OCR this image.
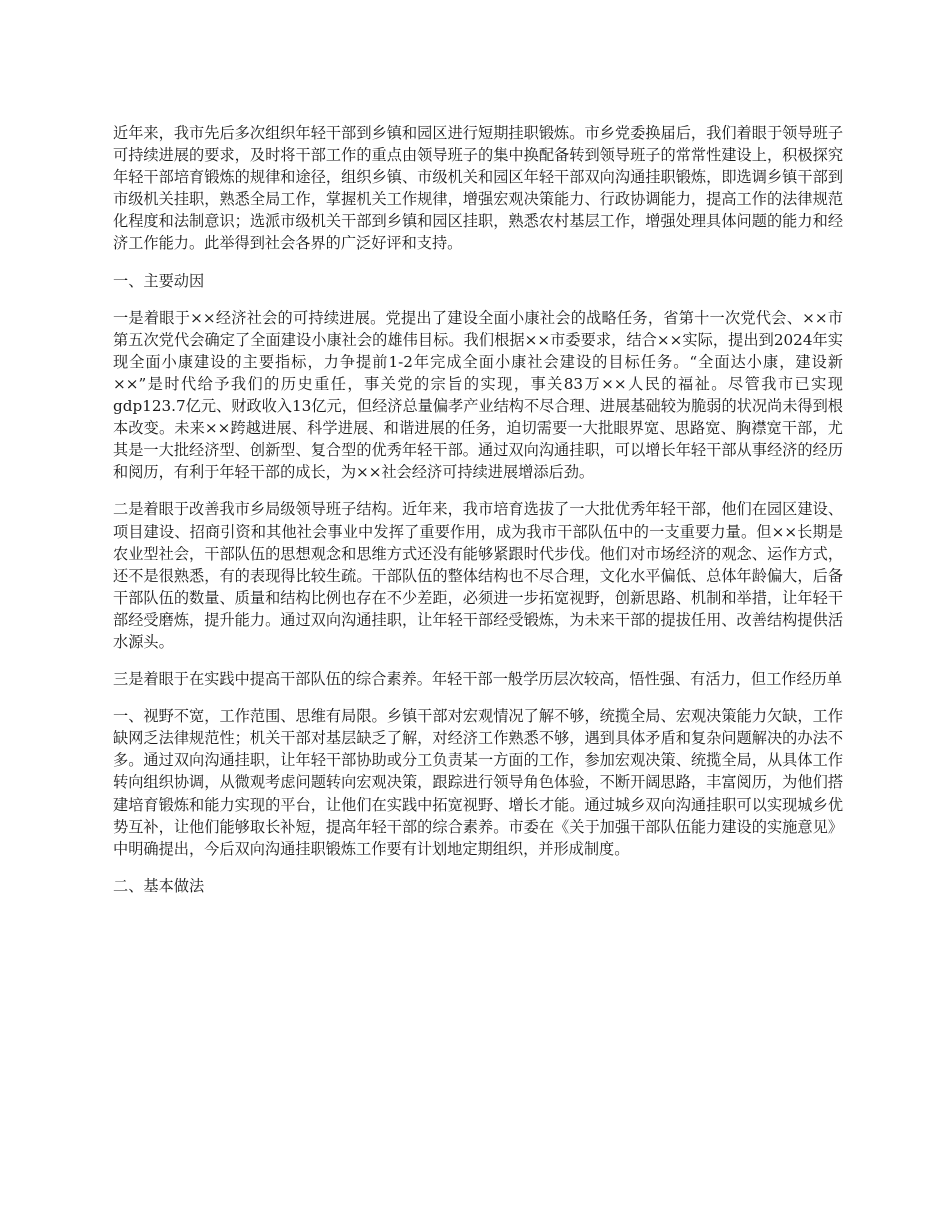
近年来，我市先后多次组织年轻干部到乡镇和园区进行短期挂职锻炼。市乡党委换届后，我们着眼于领导班子可持续进展的要求，及时将干部工作的重点由领导班子的集中换配备转到领导班子的常常性建设上，积极探究年轻干部培育锻炼的规律和途径，组织乡镇、市级机关和园区年轻干部双向沟通挂职锻炼，即选调乡镇干部到市级机关挂职，熟悉全局工作，掌握机关工作规律，增强宏观决策能力、行政协调能力，提高工作的法律规范化程度和法制意识；选派市级机关干部到乡镇和园区挂职，熟悉农村基层工作，增强处理具体问题的能力和经济工作能力。此举得到社会各界的广泛好评和支持。

一、主要动因

一是着眼于××经济社会的可持续进展。党提出了建设全面小康社会的战略任务，省第十一次党代会、××市第五次党代会确定了全面建设小康社会的雄伟目标。我们根据××市委要求，结合××实际，提出到2024年实现全面小康建设的主要指标，力争提前1-2年完成全面小康社会建设的目标任务。“全面达小康，建设新××”是时代给予我们的历史重任，事关党的宗旨的实现，事关83万××人民的福祉。尽管我市已实现gdp123.7亿元、财政收入13亿元，但经济总量偏孝产业结构不尽合理、进展基础较为脆弱的状况尚未得到根本改变。未来××跨越进展、科学进展、和谐进展的任务，迫切需要一大批眼界宽、思路宽、胸襟宽干部，尤其是一大批经济型、创新型、复合型的优秀年轻干部。通过双向沟通挂职，可以增长年轻干部从事经济的经历和阅历，有利于年轻干部的成长，为××社会经济可持续进展增添后劲。

二是着眼于改善我市乡局级领导班子结构。近年来，我市培育选拔了一大批优秀年轻干部，他们在园区建设、项目建设、招商引资和其他社会事业中发挥了重要作用，成为我市干部队伍中的一支重要力量。但××长期是农业型社会，干部队伍的思想观念和思维方式还没有能够紧跟时代步伐。他们对市场经济的观念、运作方式，还不是很熟悉，有的表现得比较生疏。干部队伍的整体结构也不尽合理，文化水平偏低、总体年龄偏大，后备干部队伍的数量、质量和结构比例也存在不少差距，必须进一步拓宽视野，创新思路、机制和举措，让年轻干部经受磨炼，提升能力。通过双向沟通挂职，让年轻干部经受锻炼，为未来干部的提拔任用、改善结构提供活水源头。

三是着眼于在实践中提高干部队伍的综合素养。年轻干部一般学历层次较高，悟性强、有活力，但工作经历单

一、视野不宽，工作范围、思维有局限。乡镇干部对宏观情况了解不够，统揽全局、宏观决策能力欠缺，工作缺网乏法律规范性；机关干部对基层缺乏了解，对经济工作熟悉不够，遇到具体矛盾和复杂问题解决的办法不多。通过双向沟通挂职，让年轻干部协助或分工负责某一方面的工作，参加宏观决策、统揽全局，从具体工作转向组织协调，从微观考虑问题转向宏观决策，跟踪进行领导角色体验，不断开阔思路，丰富阅历，为他们搭建培育锻炼和能力实现的平台，让他们在实践中拓宽视野、增长才能。通过城乡双向沟通挂职可以实现城乡优势互补，让他们能够取长补短，提高年轻干部的综合素养。市委在《关于加强干部队伍能力建设的实施意见》中明确提出，今后双向沟通挂职锻炼工作要有计划地定期组织，并形成制度。

二、基本做法
